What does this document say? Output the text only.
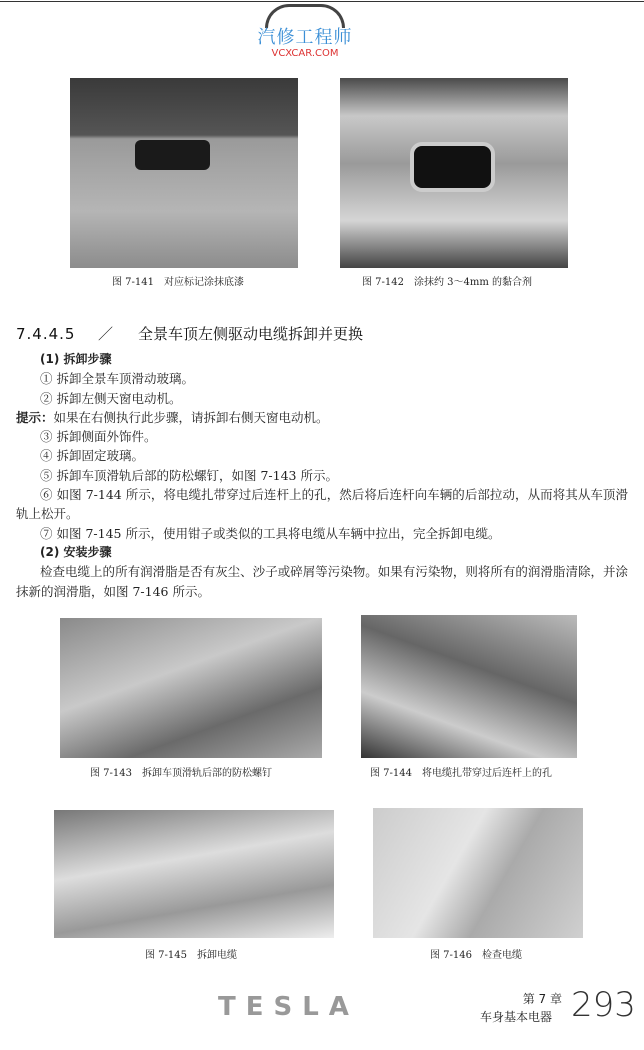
汽修工程师
VCXCAR.COM
图 7-141　对应标记涂抹底漆	图 7-142　涂抹约 3～4mm 的黏合剂
7.4.4.5 ／ 全景车顶左侧驱动电缆拆卸并更换

(1) 拆卸步骤

① 拆卸全景车顶滑动玻璃。

② 拆卸左侧天窗电动机。

提示：如果在右侧执行此步骤，请拆卸右侧天窗电动机。

③ 拆卸侧面外饰件。

④ 拆卸固定玻璃。

⑤ 拆卸车顶滑轨后部的防松螺钉，如图 7-143 所示。

⑥ 如图 7-144 所示，将电缆扎带穿过后连杆上的孔，然后将后连杆向车辆的后部拉动，从而将其从车顶滑轨上松开。

⑦ 如图 7-145 所示，使用钳子或类似的工具将电缆从车辆中拉出，完全拆卸电缆。

(2) 安装步骤

检查电缆上的所有润滑脂是否有灰尘、沙子或碎屑等污染物。如果有污染物，则将所有的润滑脂清除，并涂抹新的润滑脂，如图 7-146 所示。

图 7-143　拆卸车顶滑轨后部的防松螺钉	图 7-144　将电缆扎带穿过后连杆上的孔
图 7-145　拆卸电缆	图 7-146　检查电缆
TESLA	第 7 章
车身基本电器 293
